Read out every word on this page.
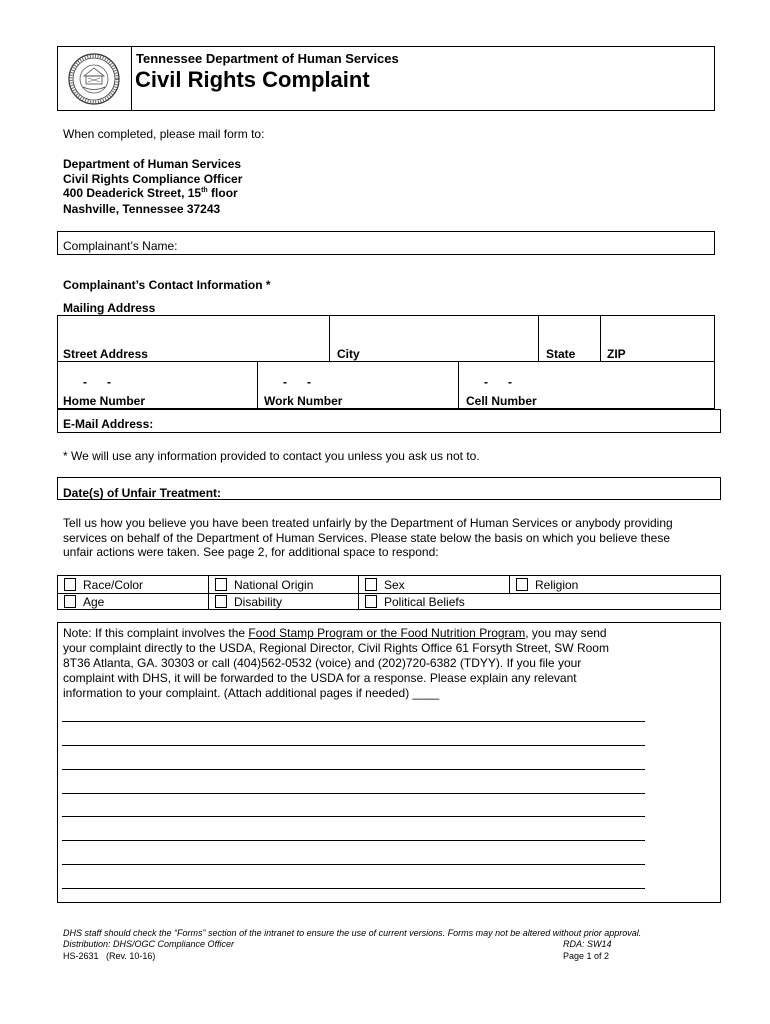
Tennessee Department of Human Services
Civil Rights Complaint
When completed, please mail form to:
Department of Human Services
Civil Rights Compliance Officer
400 Deaderick Street, 15th floor
Nashville, Tennessee 37243
Complainant’s Name:
Complainant’s Contact Information *
Mailing Address
Street Address	City	State	ZIP
-      -	-      -	-      -
Home Number	Work Number	Cell Number
E-Mail Address:
* We will use any information provided to contact you unless you ask us not to.
Date(s) of Unfair Treatment:
Tell us how you believe you have been treated unfairly by the Department of Human Services or anybody providing
services on behalf of the Department of Human Services. Please state below the basis on which you believe these
unfair actions were taken. See page 2, for additional space to respond:
Race/Color	National Origin	Sex	Religion
Age	Disability	Political Beliefs
Note: If this complaint involves the Food Stamp Program or the Food Nutrition Program, you may send
your complaint directly to the USDA, Regional Director, Civil Rights Office 61 Forsyth Street, SW Room
8T36 Atlanta, GA. 30303 or call (404)562-0532 (voice) and (202)720-6382 (TDYY). If you file your
complaint with DHS, it will be forwarded to the USDA for a response. Please explain any relevant
information to your complaint. (Attach additional pages if needed) ____
DHS staff should check the “Forms” section of the intranet to ensure the use of current versions. Forms may not be altered without prior approval.
Distribution: DHS/OGC Compliance Officer	RDA: SW14
HS-2631   (Rev. 10-16)	Page 1 of 2
